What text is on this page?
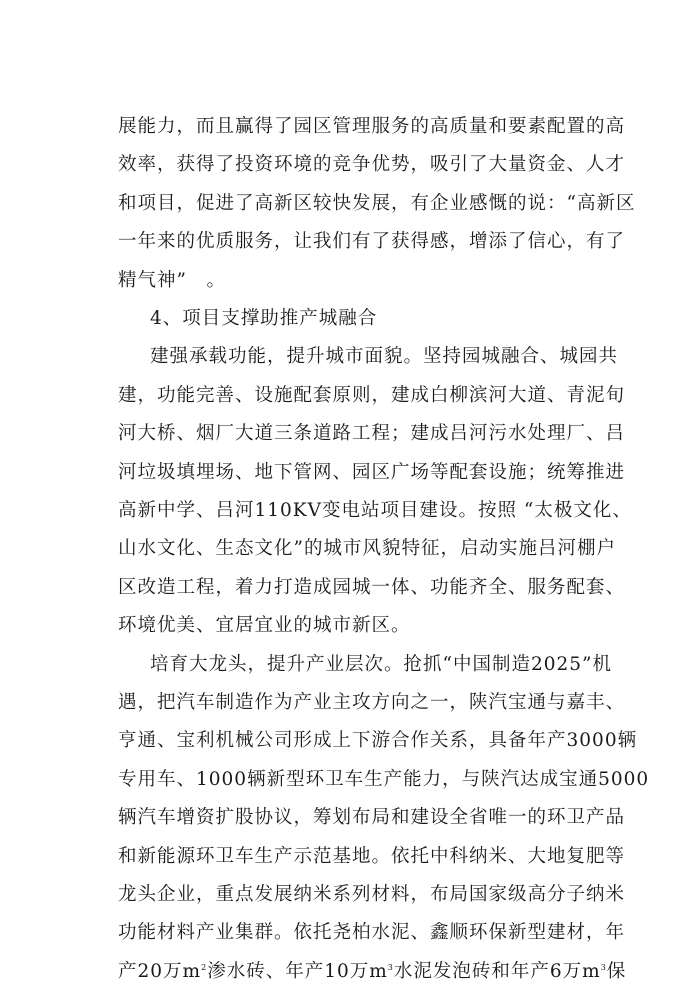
展能力，而且赢得了园区管理服务的高质量和要素配置的高
效率，获得了投资环境的竞争优势，吸引了大量资金、人才
和项目，促进了高新区较快发展，有企业感慨的说：“高新区
一年来的优质服务，让我们有了获得感，增添了信心，有了
精气神”　。
4、项目支撑助推产城融合
建强承载功能，提升城市面貌。坚持园城融合、城园共
建，功能完善、设施配套原则，建成白柳滨河大道、青泥旬
河大桥、烟厂大道三条道路工程；建成吕河污水处理厂、吕
河垃圾填埋场、地下管网、园区广场等配套设施；统筹推进
高新中学、吕河110KV变电站项目建设。按照 “太极文化、
山水文化、生态文化”的城市风貌特征，启动实施吕河棚户
区改造工程，着力打造成园城一体、功能齐全、服务配套、
环境优美、宜居宜业的城市新区。
培育大龙头，提升产业层次。抢抓“中国制造2025”机
遇，把汽车制造作为产业主攻方向之一，陕汽宝通与嘉丰、
亨通、宝利机械公司形成上下游合作关系，具备年产3000辆
专用车、1000辆新型环卫车生产能力，与陕汽达成宝通5000
辆汽车增资扩股协议，筹划布局和建设全省唯一的环卫产品
和新能源环卫车生产示范基地。依托中科纳米、大地复肥等
龙头企业，重点发展纳米系列材料，布局国家级高分子纳米
功能材料产业集群。依托尧柏水泥、鑫顺环保新型建材，年
产20万$m^2$渗水砖、年产10万$m^3$水泥发泡砖和年产6万$m^3$保
